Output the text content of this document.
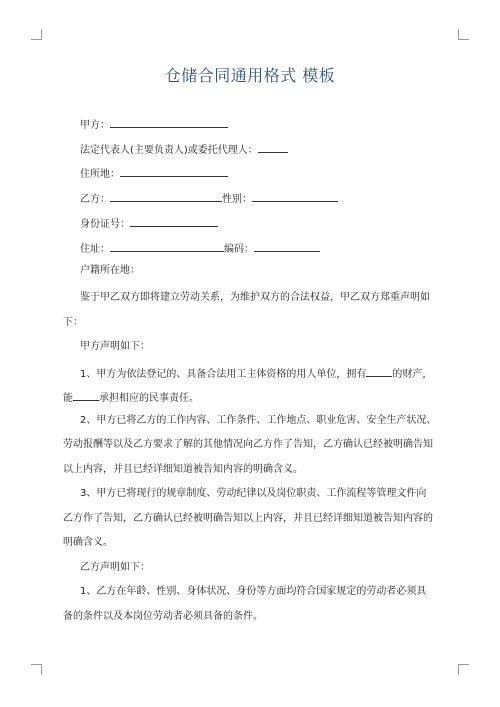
仓储合同通用格式 模板
甲方：
法定代表人(主要负责人)或委托代理人：
住所地：
乙方：	性别：
身份证号：
住址：	编码：
户籍所在地：
鉴于甲乙双方即将建立劳动关系，为维护双方的合法权益，甲乙双方郑重声明如
下：
甲方声明如下：
1、甲方为依法登记的、具备合法用工主体资格的用人单位，拥有	的财产，
能	承担相应的民事责任。
2、甲方已将乙方的工作内容、工作条件、工作地点、职业危害、安全生产状况、
劳动报酬等以及乙方要求了解的其他情况向乙方作了告知，乙方确认已经被明确告知
以上内容，并且已经详细知道被告知内容的明确含义。
3、甲方已将现行的规章制度、劳动纪律以及岗位职责、工作流程等管理文件向
乙方作了告知，乙方确认已经被明确告知以上内容，并且已经详细知道被告知内容的
明确含义。
乙方声明如下：
1、乙方在年龄、性别、身体状况、身份等方面均符合国家规定的劳动者必须具
备的条件以及本岗位劳动者必须具备的条件。
